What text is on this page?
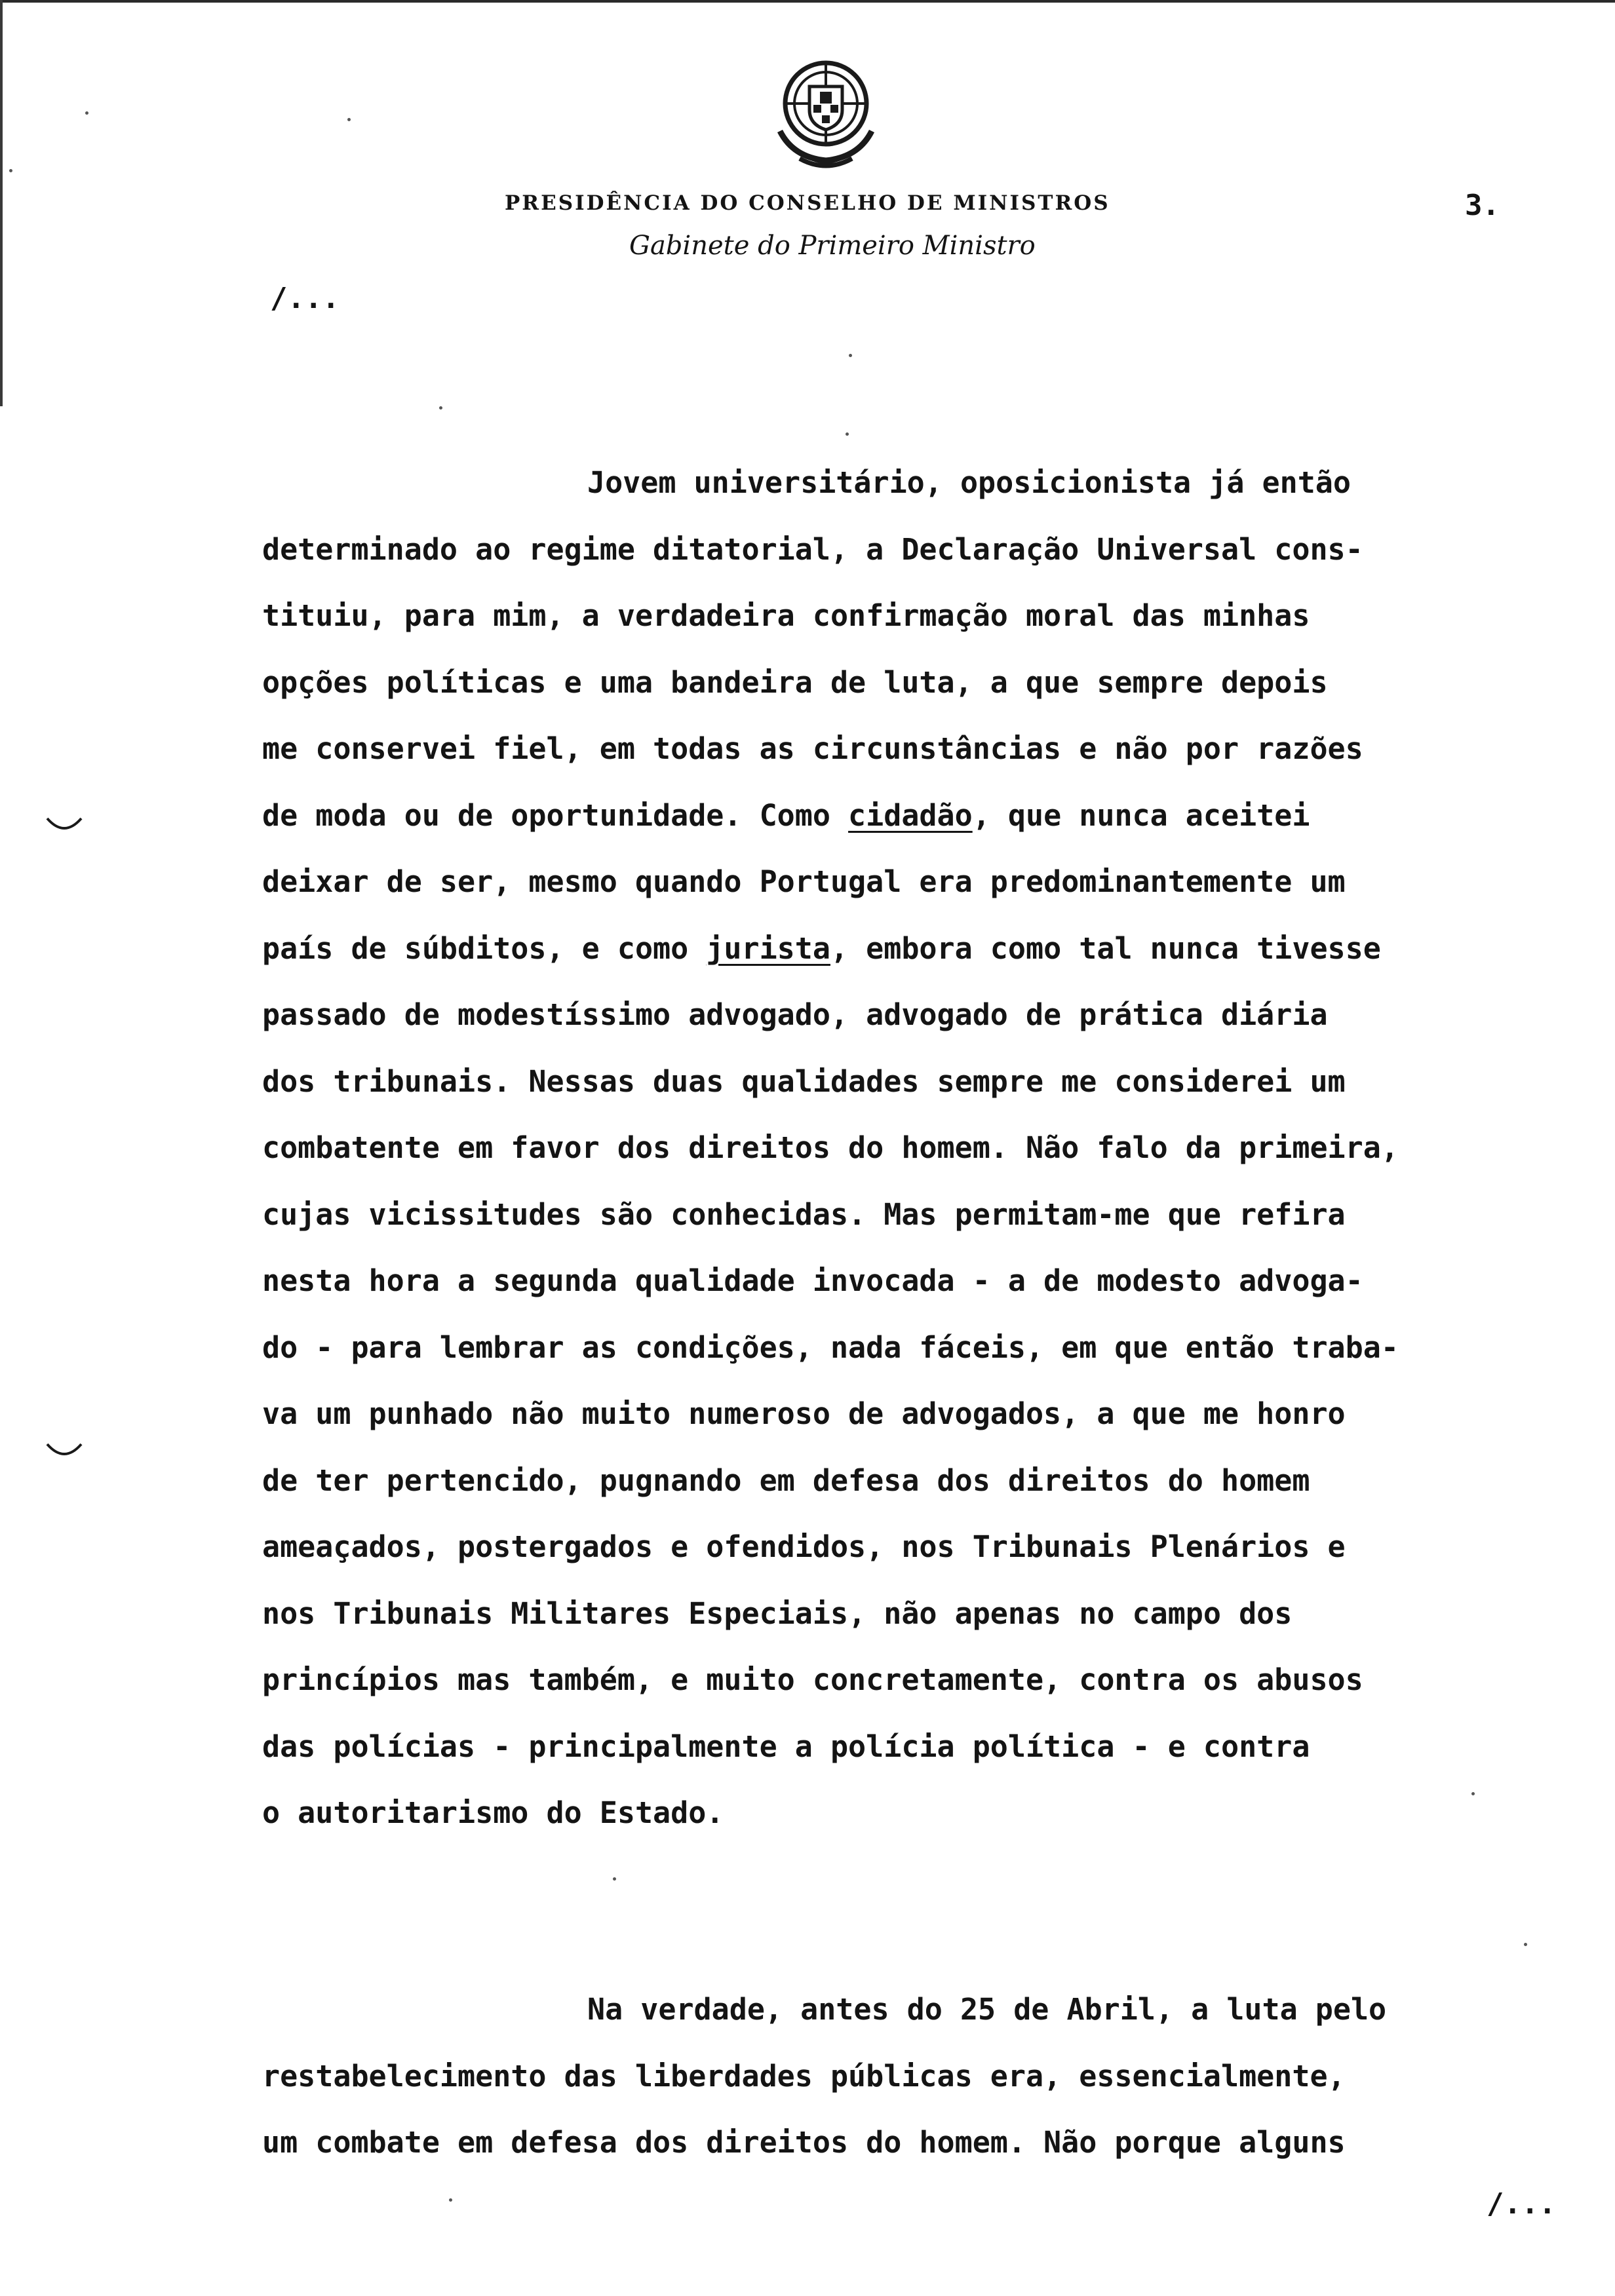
PRESIDÊNCIA DO CONSELHO DE MINISTROS
Gabinete do Primeiro Ministro
3.
/...
Jovem universitário, oposicionista já então
determinado ao regime ditatorial, a Declaração Universal cons-
tituiu, para mim, a verdadeira confirmação moral das minhas
opções políticas e uma bandeira de luta, a que sempre depois
me conservei fiel, em todas as circunstâncias e não por razões
de moda ou de oportunidade. Como cidadão, que nunca aceitei
deixar de ser, mesmo quando Portugal era predominantemente um
país de súbditos, e como jurista, embora como tal nunca tivesse
passado de modestíssimo advogado, advogado de prática diária
dos tribunais. Nessas duas qualidades sempre me considerei um
combatente em favor dos direitos do homem. Não falo da primeira,
cujas vicissitudes são conhecidas. Mas permitam-me que refira
nesta hora a segunda qualidade invocada - a de modesto advoga-
do - para lembrar as condições, nada fáceis, em que então traba-
va um punhado não muito numeroso de advogados, a que me honro
de ter pertencido, pugnando em defesa dos direitos do homem
ameaçados, postergados e ofendidos, nos Tribunais Plenários e
nos Tribunais Militares Especiais, não apenas no campo dos
princípios mas também, e muito concretamente, contra os abusos
das polícias - principalmente a polícia política - e contra
o autoritarismo do Estado.
Na verdade, antes do 25 de Abril, a luta pelo
restabelecimento das liberdades públicas era, essencialmente,
um combate em defesa dos direitos do homem. Não porque alguns
/...
